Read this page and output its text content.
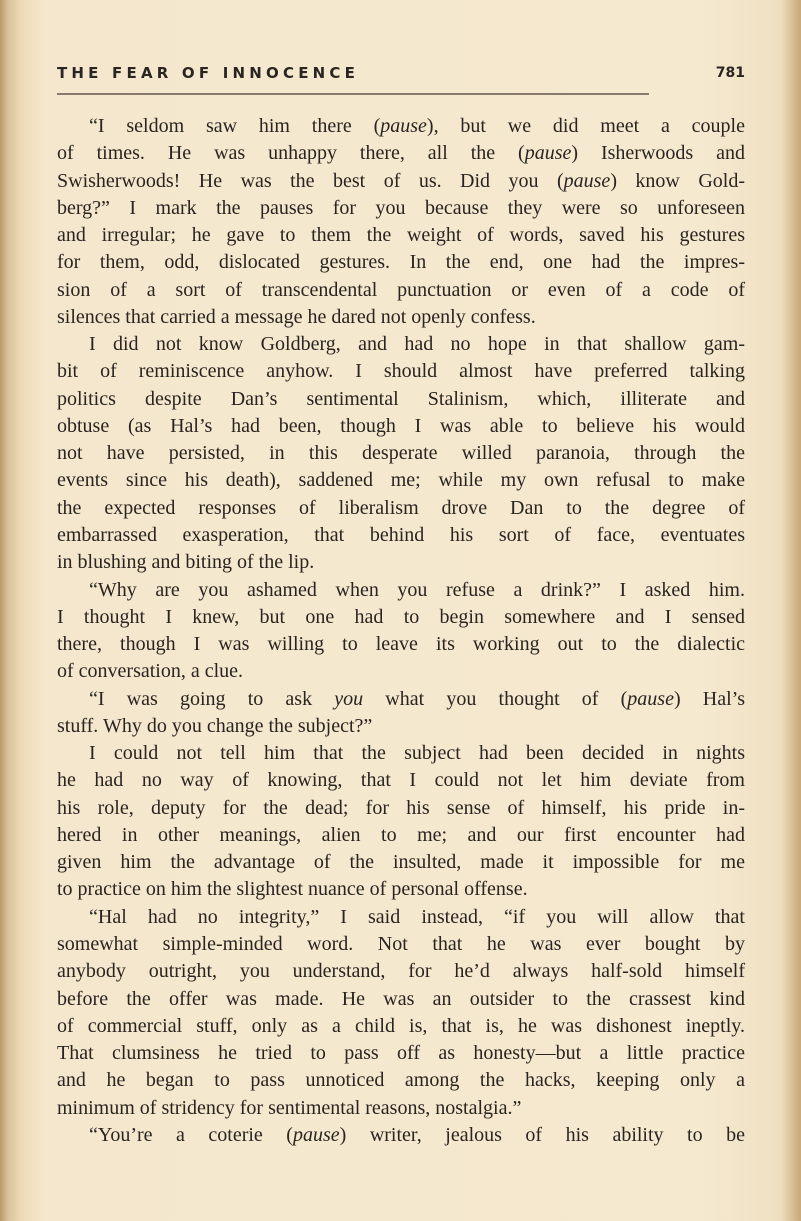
THE FEAR OF INNOCENCE	781
“I seldom saw him there (pause), but we did meet a couple
of times. He was unhappy there, all the (pause) Isherwoods and
Swisherwoods! He was the best of us. Did you (pause) know Gold-
berg?” I mark the pauses for you because they were so unforeseen
and irregular; he gave to them the weight of words, saved his gestures
for them, odd, dislocated gestures. In the end, one had the impres-
sion of a sort of transcendental punctuation or even of a code of
silences that carried a message he dared not openly confess.
I did not know Goldberg, and had no hope in that shallow gam-
bit of reminiscence anyhow. I should almost have preferred talking
politics despite Dan’s sentimental Stalinism, which, illiterate and
obtuse (as Hal’s had been, though I was able to believe his would
not have persisted, in this desperate willed paranoia, through the
events since his death), saddened me; while my own refusal to make
the expected responses of liberalism drove Dan to the degree of
embarrassed exasperation, that behind his sort of face, eventuates
in blushing and biting of the lip.
“Why are you ashamed when you refuse a drink?” I asked him.
I thought I knew, but one had to begin somewhere and I sensed
there, though I was willing to leave its working out to the dialectic
of conversation, a clue.
“I was going to ask you what you thought of (pause) Hal’s
stuff. Why do you change the subject?”
I could not tell him that the subject had been decided in nights
he had no way of knowing, that I could not let him deviate from
his role, deputy for the dead; for his sense of himself, his pride in-
hered in other meanings, alien to me; and our first encounter had
given him the advantage of the insulted, made it impossible for me
to practice on him the slightest nuance of personal offense.
“Hal had no integrity,” I said instead, “if you will allow that
somewhat simple-minded word. Not that he was ever bought by
anybody outright, you understand, for he’d always half-sold himself
before the offer was made. He was an outsider to the crassest kind
of commercial stuff, only as a child is, that is, he was dishonest ineptly.
That clumsiness he tried to pass off as honesty—but a little practice
and he began to pass unnoticed among the hacks, keeping only a
minimum of stridency for sentimental reasons, nostalgia.”
“You’re a coterie (pause) writer, jealous of his ability to be
